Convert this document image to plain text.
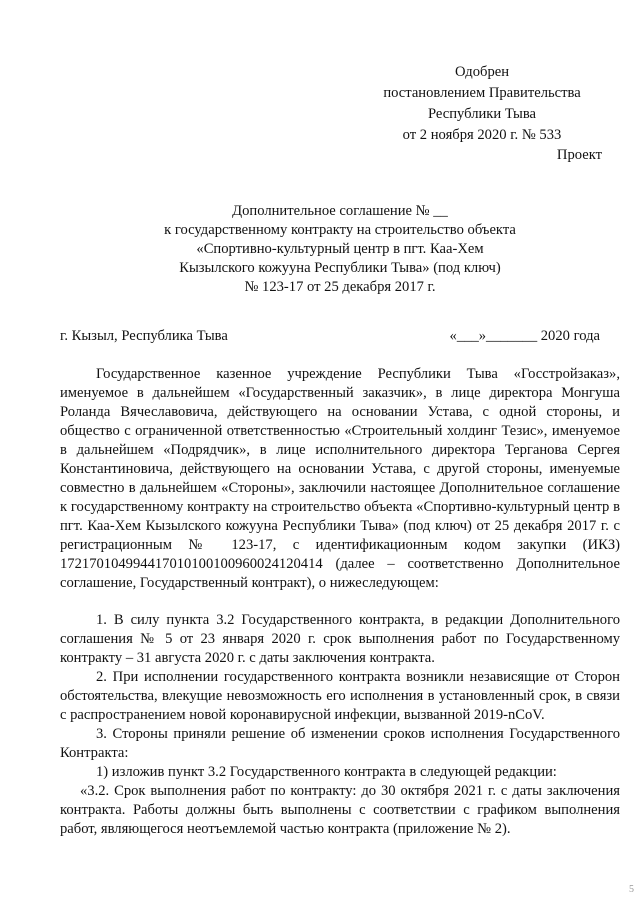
Одобрен
постановлением Правительства
Республики Тыва
от 2 ноября 2020 г. № 533
Проект
Дополнительное соглашение № __
к государственному контракту на строительство объекта
«Спортивно-культурный центр в пгт. Каа-Хем
Кызылского кожууна Республики Тыва» (под ключ)
№ 123-17 от 25 декабря 2017 г.
г. Кызыл, Республика Тыва	«___»_______ 2020 года

Государственное казенное учреждение Республики Тыва «Госстройзаказ», именуемое в дальнейшем «Государственный заказчик», в лице директора Монгуша Роланда Вячеславовича, действующего на основании Устава, с одной стороны, и общество с ограниченной ответственностью «Строительный холдинг Тезис», именуемое в дальнейшем «Подрядчик», в лице исполнительного директора Терганова Сергея Константиновича, действующего на основании Устава, с другой стороны, именуемые совместно в дальнейшем «Стороны», заключили настоящее Дополнительное соглашение к государственному контракту на строительство объекта «Спортивно-культурный центр в пгт. Каа-Хем Кызылского кожууна Республики Тыва» (под ключ) от 25 декабря 2017 г. с регистрационным № 123-17, с идентификационным кодом закупки (ИКЗ) 172170104994417010100100960024120414 (далее – соответственно Дополнительное соглашение, Государственный контракт), о нижеследующем:

1. В силу пункта 3.2 Государственного контракта, в редакции Дополнительного соглашения № 5 от 23 января 2020 г. срок выполнения работ по Государственному контракту – 31 августа 2020 г. с даты заключения контракта.

2. При исполнении государственного контракта возникли независящие от Сторон обстоятельства, влекущие невозможность его исполнения в установленный срок, в связи с распространением новой коронавирусной инфекции, вызванной 2019-nCoV.

3. Стороны приняли решение об изменении сроков исполнения Государственного Контракта:

1) изложив пункт 3.2 Государственного контракта в следующей редакции:

«3.2. Срок выполнения работ по контракту: до 30 октября 2021 г. с даты заключения контракта. Работы должны быть выполнены с соответствии с графиком выполнения работ, являющегося неотъемлемой частью контракта (приложение № 2).

5
